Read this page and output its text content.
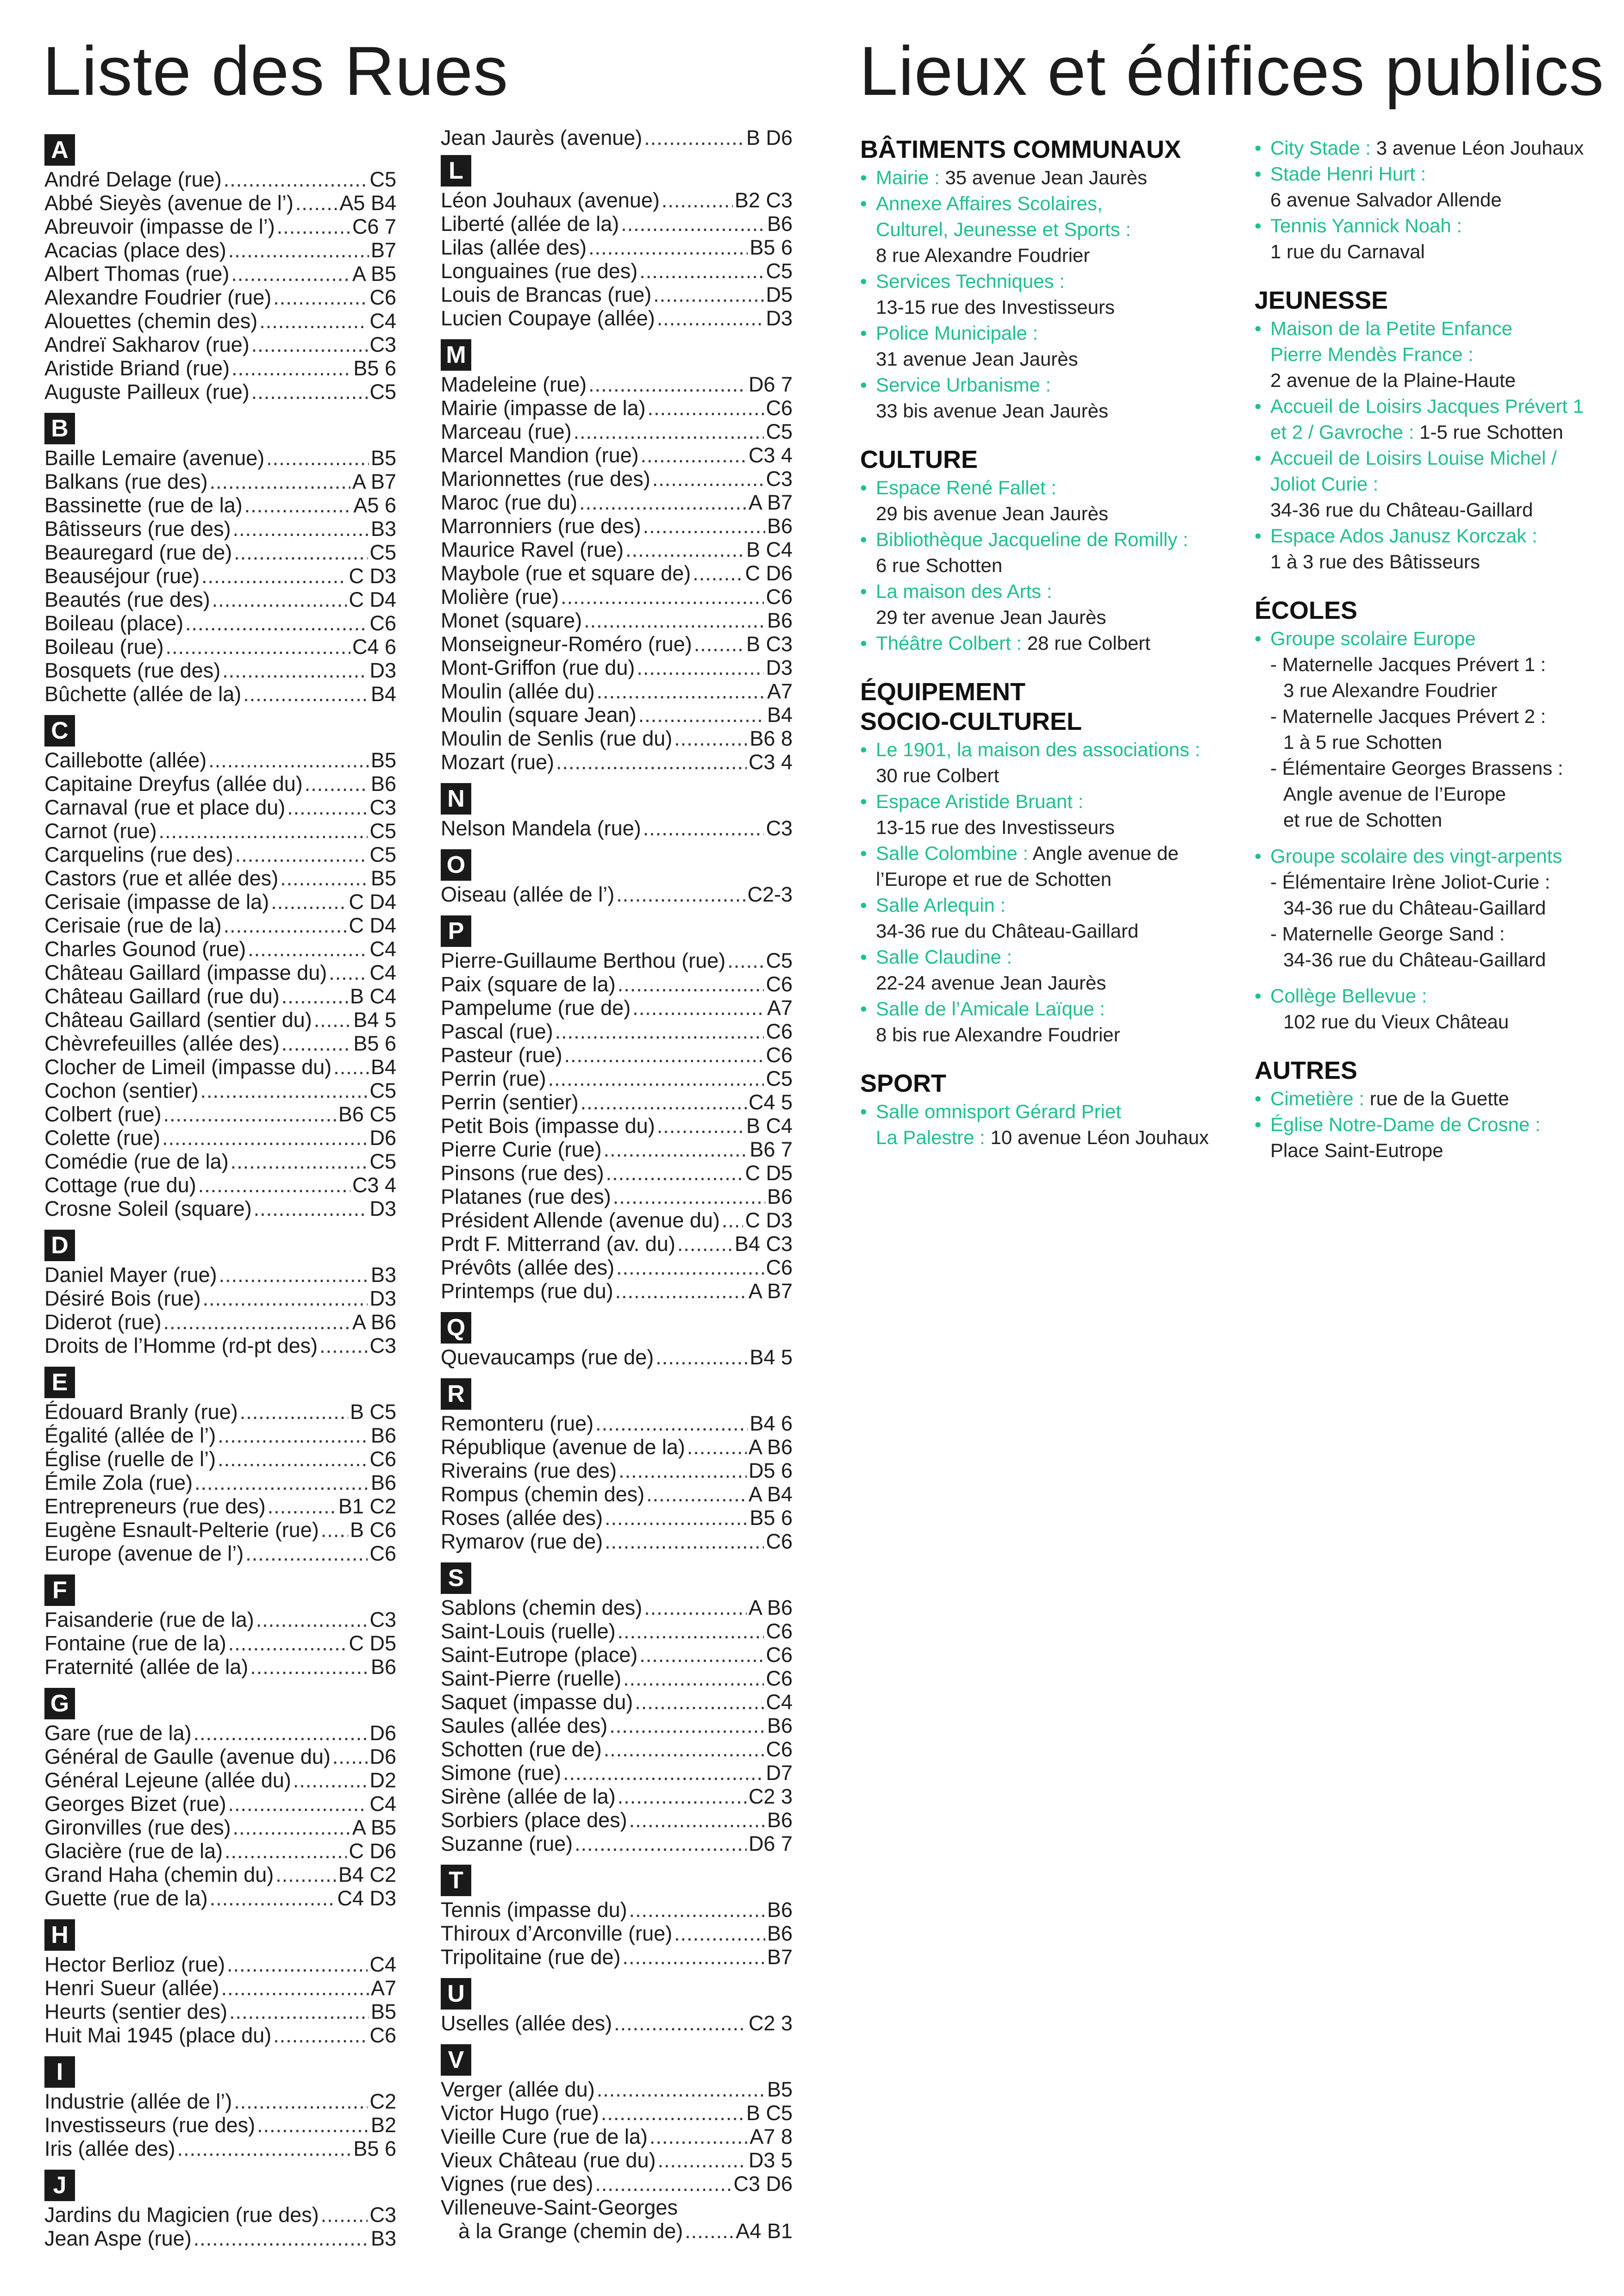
Liste des Rues	Lieux et édifices publics
A
André Delage (rue) .....	C5
Abbé Sieyès (avenue de l’) ..... A5 B4
Abreuvoir (impasse de l’) .....	C6 7
Acacias (place des) .....	B7
Albert Thomas (rue) .....	A B5
Alexandre Foudrier (rue) .....	C6
Alouettes (chemin des) .....	C4
Andreï Sakharov (rue) .....	C3
Aristide Briand (rue) .....	B5 6
Auguste Pailleux (rue) .....	C5
B
Baille Lemaire (avenue) .....	B5
Balkans (rue des) .....	A B7
Bassinette (rue de la) .....	A5 6
Bâtisseurs (rue des) .....	B3
Beauregard (rue de) .....	C5
Beauséjour (rue) .....	C D3
Beautés (rue des) .....	C D4
Boileau (place) .....	C6
Boileau (rue) .....	C4 6
Bosquets (rue des) .....	D3
Bûchette (allée de la) .....	B4
C
Caillebotte (allée) .....	B5
Capitaine Dreyfus (allée du) .....	B6
Carnaval (rue et place du) .....	C3
Carnot (rue) .....	C5
Carquelins (rue des) .....	C5
Castors (rue et allée des) .....	B5
Cerisaie (impasse de la) .....	C D4
Cerisaie (rue de la) .....	C D4
Charles Gounod (rue) .....	C4
Château Gaillard (impasse du) ..... C4
Château Gaillard (rue du) .....	B C4
Château Gaillard (sentier du) ..... B4 5
Chèvrefeuilles (allée des) .....	B5 6
Clocher de Limeil (impasse du) ..... B4
Cochon (sentier) .....	C5
Colbert (rue) .....	B6 C5
Colette (rue) .....	D6
Comédie (rue de la) .....	C5
Cottage (rue du) .....	C3 4
Crosne Soleil (square) .....	D3
D
Daniel Mayer (rue) .....	B3
Désiré Bois (rue) .....	D3
Diderot (rue) .....	A B6
Droits de l’Homme (rd-pt des) ..... C3
E
Édouard Branly (rue) .....	B C5
Égalité (allée de l’) .....	B6
Église (ruelle de l’) .....	C6
Émile Zola (rue) .....	B6
Entrepreneurs (rue des) .....	B1 C2
Eugène Esnault-Pelterie (rue) ..... B C6
Europe (avenue de l’) .....	C6
F
Faisanderie (rue de la) .....	C3
Fontaine (rue de la) .....	C D5
Fraternité (allée de la) .....	B6
G
Gare (rue de la) .....	D6
Général de Gaulle (avenue du) ..... D6
Général Lejeune (allée du) .....	D2
Georges Bizet (rue) .....	C4
Gironvilles (rue des) .....	A B5
Glacière (rue de la) .....	C D6
Grand Haha (chemin du) .....	B4 C2
Guette (rue de la) .....	C4 D3
H
Hector Berlioz (rue) .....	C4
Henri Sueur (allée) .....	A7
Heurts (sentier des) .....	B5
Huit Mai 1945 (place du) .....	C6
I
Industrie (allée de l’) .....	C2
Investisseurs (rue des) .....	B2
Iris (allée des) .....	B5 6
J
Jardins du Magicien (rue des) ..... C3
Jean Aspe (rue) .....	B3
Jean Jaurès (avenue) .....	B D6
L
Léon Jouhaux (avenue) .....	B2 C3
Liberté (allée de la) .....	B6
Lilas (allée des) .....	B5 6
Longuaines (rue des) .....	C5
Louis de Brancas (rue) .....	D5
Lucien Coupaye (allée) .....	D3
M
Madeleine (rue) .....	D6 7
Mairie (impasse de la) .....	C6
Marceau (rue) .....	C5
Marcel Mandion (rue) .....	C3 4
Marionnettes (rue des) .....	C3
Maroc (rue du) .....	A B7
Marronniers (rue des) .....	B6
Maurice Ravel (rue) .....	B C4
Maybole (rue et square de) .....	C D6
Molière (rue) .....	C6
Monet (square) .....	B6
Monseigneur-Roméro (rue) .....	B C3
Mont-Griffon (rue du) .....	D3
Moulin (allée du) .....	A7
Moulin (square Jean) .....	B4
Moulin de Senlis (rue du) .....	B6 8
Mozart (rue) .....	C3 4
N
Nelson Mandela (rue) .....	C3
O
Oiseau (allée de l’) .....	C2-3
P
Pierre-Guillaume Berthou (rue) ..... C5
Paix (square de la) .....	C6
Pampelume (rue de) .....	A7
Pascal (rue) .....	C6
Pasteur (rue) .....	C6
Perrin (rue) .....	C5
Perrin (sentier) .....	C4 5
Petit Bois (impasse du) .....	B C4
Pierre Curie (rue) .....	B6 7
Pinsons (rue des) .....	C D5
Platanes (rue des) .....	B6
Président Allende (avenue du) ..... C D3
Prdt F. Mitterrand (av. du) .....	B4 C3
Prévôts (allée des) .....	C6
Printemps (rue du) .....	A B7
Q
Quevaucamps (rue de) .....	B4 5
R
Remonteru (rue) .....	B4 6
République (avenue de la) .....	A B6
Riverains (rue des) .....	D5 6
Rompus (chemin des) .....	A B4
Roses (allée des) .....	B5 6
Rymarov (rue de) .....	C6
S
Sablons (chemin des) .....	A B6
Saint-Louis (ruelle) .....	C6
Saint-Eutrope (place) .....	C6
Saint-Pierre (ruelle) .....	C6
Saquet (impasse du) .....	C4
Saules (allée des) .....	B6
Schotten (rue de) .....	C6
Simone (rue) .....	D7
Sirène (allée de la) .....	C2 3
Sorbiers (place des) .....	B6
Suzanne (rue) .....	D6 7
T
Tennis (impasse du) .....	B6
Thiroux d’Arconville (rue) .....	B6
Tripolitaine (rue de) .....	B7
U
Uselles (allée des) .....	C2 3
V
Verger (allée du) .....	B5
Victor Hugo (rue) .....	B C5
Vieille Cure (rue de la) .....	A7 8
Vieux Château (rue du) .....	D3 5
Vignes (rue des) .....	C3 D6
Villeneuve-Saint-Georges
à la Grange (chemin de) .....	A4 B1
BÂTIMENTS COMMUNAUX
• Mairie : 35 avenue Jean Jaurès
• Annexe Affaires Scolaires,
Culturel, Jeunesse et Sports :
8 rue Alexandre Foudrier
• Services Techniques :
13-15 rue des Investisseurs
• Police Municipale :
31 avenue Jean Jaurès
• Service Urbanisme :
33 bis avenue Jean Jaurès
CULTURE
• Espace René Fallet :
29 bis avenue Jean Jaurès
• Bibliothèque Jacqueline de Romilly :
6 rue Schotten
• La maison des Arts :
29 ter avenue Jean Jaurès
• Théâtre Colbert : 28 rue Colbert
ÉQUIPEMENT
SOCIO-CULTUREL
• Le 1901, la maison des associations :
30 rue Colbert
• Espace Aristide Bruant :
13-15 rue des Investisseurs
• Salle Colombine : Angle avenue de
l’Europe et rue de Schotten
• Salle Arlequin :
34-36 rue du Château-Gaillard
• Salle Claudine :
22-24 avenue Jean Jaurès
• Salle de l’Amicale Laïque :
8 bis rue Alexandre Foudrier
SPORT
• Salle omnisport Gérard Priet
La Palestre : 10 avenue Léon Jouhaux
• City Stade : 3 avenue Léon Jouhaux
• Stade Henri Hurt :
6 avenue Salvador Allende
• Tennis Yannick Noah :
1 rue du Carnaval
JEUNESSE
• Maison de la Petite Enfance
Pierre Mendès France :
2 avenue de la Plaine-Haute
• Accueil de Loisirs Jacques Prévert 1
et 2 / Gavroche : 1-5 rue Schotten
• Accueil de Loisirs Louise Michel /
Joliot Curie :
34-36 rue du Château-Gaillard
• Espace Ados Janusz Korczak :
1 à 3 rue des Bâtisseurs
ÉCOLES
• Groupe scolaire Europe
- Maternelle Jacques Prévert 1 :
3 rue Alexandre Foudrier
- Maternelle Jacques Prévert 2 :
1 à 5 rue Schotten
- Élémentaire Georges Brassens :
Angle avenue de l’Europe
et rue de Schotten
• Groupe scolaire des vingt-arpents
- Élémentaire Irène Joliot-Curie :
34-36 rue du Château-Gaillard
- Maternelle George Sand :
34-36 rue du Château-Gaillard
• Collège Bellevue :
102 rue du Vieux Château
AUTRES
• Cimetière : rue de la Guette
• Église Notre-Dame de Crosne :
Place Saint-Eutrope
